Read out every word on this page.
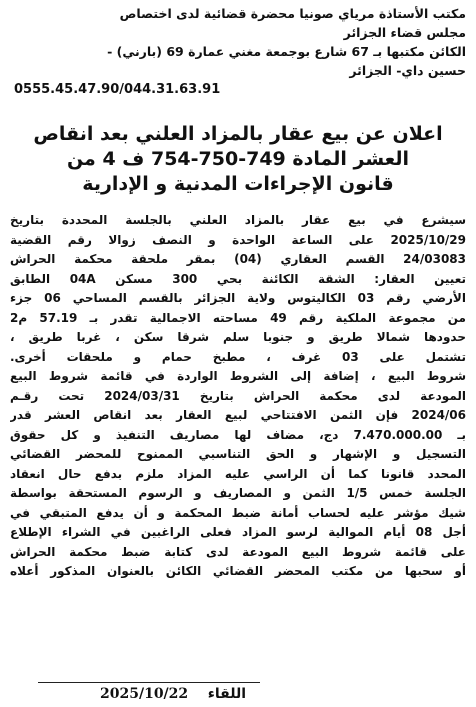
مكتب الأستاذة مرياي صونيا محضرة قضائية لدى اختصاص
مجلس قضاء الجزائر
الكائن مكتبها بـ 67 شارع بوجمعة مغني عمارة 69 (بارني) -
حسين داي- الجزائر
0555.45.47.90/044.31.63.91
اعلان عن بيع عقار بالمزاد العلني بعد انقاص
العشر المادة 749-750-754 ف 4 من
قانون الإجراءات المدنية و الإدارية
سيشرع في بيع عقار بالمزاد العلني بالجلسة المحددة بتاريخ
2025/10/29 على الساعة الواحدة و النصف زوالا رقم القضية
24/03083 القسم العقاري (04) بمقر ملحقة محكمة الحراش
تعيين العقار: الشقة الكائنة بحي 300 مسكن 04A الطابق
الأرضي رقم 03 الكاليتوس ولاية الجزائر بالقسم المساحي 06 جزء
من مجموعة الملكية رقم 49 مساحته الاجمالية تقدر بـ 57.19 م2
حدودها شمالا طريق و جنوبا سلم شرقا سكن ، غربا طريق ،
تشتمل على 03 غرف ، مطبخ حمام و ملحقات أخرى.
شروط البيع ، إضافة إلى الشروط الواردة في قائمة شروط البيع
المودعة لدى محكمة الحراش بتاريخ 2024/03/31 تحت رقـم
2024/06 فإن الثمن الافتتاحي لبيع العقار بعد انقاص العشر قدر
بـ 7.470.000.00 دج، مضاف لها مصاريف التنفيذ و كل حقوق
التسجيل و الإشهار و الحق التناسبي الممنوح للمحضر القضائي
المحدد قانونا كما أن الراسي عليه المزاد ملزم بدفع حال انعقاد
الجلسة خمس 1/5 الثمن و المصاريف و الرسوم المستحقة بواسطة
شيك مؤشر عليه لحساب أمانة ضبط المحكمة و أن يدفع المتبقي في
أجل 08 أيام الموالية لرسو المزاد فعلى الراغبين في الشراء الإطلاع
على قائمة شروط البيع المودعة لدى كتابة ضبط محكمة الحراش
أو سحبها من مكتب المحضر القضائي الكائن بالعنوان المذكور أعلاه
2025/10/22 اللقاء
